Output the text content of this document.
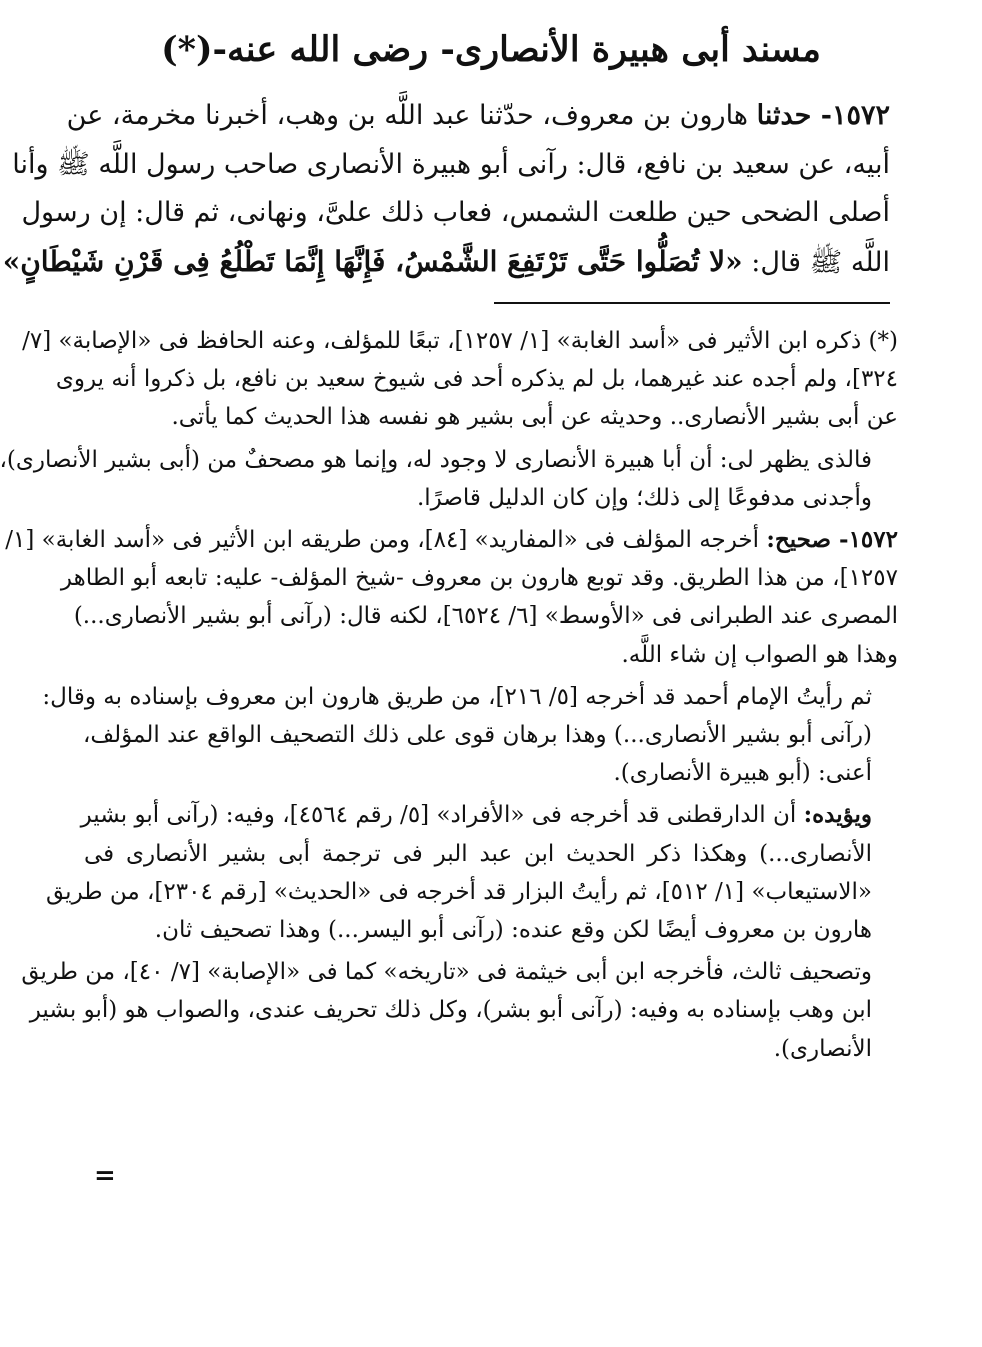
مسند أبى هبيرة الأنصارى- رضى الله عنه-(*)
١٥٧٢- حدثنا هارون بن معروف، حدّثنا عبد اللَّه بن وهب، أخبرنا مخرمة، عن
أبيه، عن سعيد بن نافع، قال: رآنى أبو هبيرة الأنصارى صاحب رسول اللَّه ﷺ وأنا
أصلى الضحى حين طلعت الشمس، فعاب ذلك علىَّ، ونهانى، ثم قال: إن رسول
اللَّه ﷺ قال: «لا تُصَلُّوا حَتَّى تَرْتَفِعَ الشَّمْسُ، فَإِنَّهَا إِنَّمَا تَطْلُعُ فِى قَرْنِ شَيْطَانٍ»
(*) ذكره ابن الأثير فى «أسد الغابة» [١/ ١٢٥٧]، تبعًا للمؤلف، وعنه الحافظ فى «الإصابة» [٧/
٣٢٤]، ولم أجده عند غيرهما، بل لم يذكره أحد فى شيوخ سعيد بن نافع، بل ذكروا أنه يروى
عن أبى بشير الأنصارى.. وحديثه عن أبى بشير هو نفسه هذا الحديث كما يأتى.
فالذى يظهر لى: أن أبا هبيرة الأنصارى لا وجود له، وإنما هو مصحفٌ من (أبى بشير الأنصارى)،
وأجدنى مدفوعًا إلى ذلك؛ وإن كان الدليل قاصرًا.
١٥٧٢- صحيح: أخرجه المؤلف فى «المفاريد» [٨٤]، ومن طريقه ابن الأثير فى «أسد الغابة» [١/
١٢٥٧]، من هذا الطريق. وقد توبع هارون بن معروف -شيخ المؤلف- عليه: تابعه أبو الطاهر
المصرى عند الطبرانى فى «الأوسط» [٦/ ٦٥٢٤]، لكنه قال: (رآنى أبو بشير الأنصارى...)
وهذا هو الصواب إن شاء اللَّه.
ثم رأيتُ الإمام أحمد قد أخرجه [٥/ ٢١٦]، من طريق هارون ابن معروف بإسناده به وقال:
(رآنى أبو بشير الأنصارى...) وهذا برهان قوى على ذلك التصحيف الواقع عند المؤلف،
أعنى: (أبو هبيرة الأنصارى).
ويؤيده: أن الدارقطنى قد أخرجه فى «الأفراد» [٥/ رقم ٤٥٦٤]، وفيه: (رآنى أبو بشير
الأنصارى...) وهكذا ذكر الحديث ابن عبد البر فى ترجمة أبى بشير الأنصارى فى
«الاستيعاب» [١/ ٥١٢]، ثم رأيتُ البزار قد أخرجه فى «الحديث» [رقم ٢٣٠٤]، من طريق
هارون بن معروف أيضًا لكن وقع عنده: (رآنى أبو اليسر...) وهذا تصحيف ثان.
وتصحيف ثالث، فأخرجه ابن أبى خيثمة فى «تاريخه» كما فى «الإصابة» [٧/ ٤٠]، من طريق
ابن وهب بإسناده به وفيه: (رآنى أبو بشر)، وكل ذلك تحريف عندى، والصواب هو (أبو بشير
الأنصارى).
=
